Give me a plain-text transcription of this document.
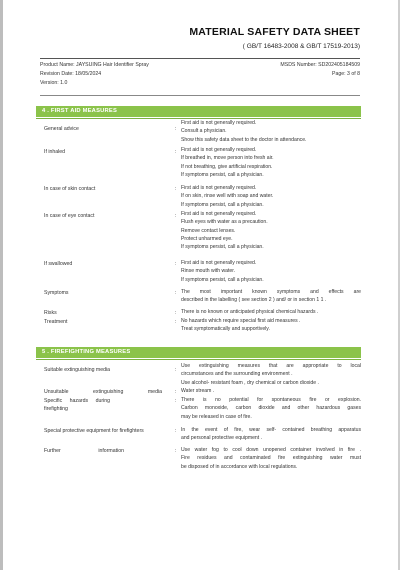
MATERIAL SAFETY DATA SHEET
( GB/T 16483-2008 & GB/T 17519-2013)
Product Name: JAYSUING Hair Identifier Spray	MSDS Number: SD202405184509
Revision Date: 18/05/2024	Page: 3 of 8
Version: 1.0
4 . FIRST AID MEASURES
General advice	:
First aid is not generally required.
Consult a physician.
Show this safety data sheet to the doctor in attendance.
If inhaled	: First aid is not generally required.
If breathed in, move person into fresh air.
If not breathing, give artificial respiration.
If symptoms persist, call a physician.
In case of skin contact	: First aid is not generally required.
If on skin, rinse well with soap and water.
If symptoms persist, call a physician.
In case of eye contact	: First aid is not generally required.
Flush eyes with water as a precaution.
Remove contact lenses.
Protect unharmed eye.
If symptoms persist, call a physician.
If swallowed	: First aid is not generally required.
Rinse mouth with water.
If symptoms persist, call a physician.
Symptoms	: The most important known symptoms and effects are
described in the labelling ( see section 2 ) and/ or in section 1 1 .
Risks	: There is no known or anticipated physical chemical hazards .
Treatment	: No hazards which require special first aid measures .
Treat symptomatically and supportively.
5 . FIREFIGHTING MEASURES
Suitable extinguishing media	:
Use extinguishing measures that are appropriate to local
circumstances and the surrounding environment .
Use alcohol- resistant foam , dry chemical or carbon dioxide .
Unsuitable extinguishing media	: Water stream .
Specific hazards during firefighting
: There is no potential for spontaneous fire or explosion.
Carbon monoxide, carbon dioxide and other hazardous gases
may be released in case of fire.
Special protective equipment for firefighters	: In the event of fire, wear self- contained breathing apparatus
and personal protective equipment .
Further information	: Use water fog to cool down unopened container involved in fire .
Fire residues and contaminated fire extinguishing water must
be disposed of in accordance with local regulations.
